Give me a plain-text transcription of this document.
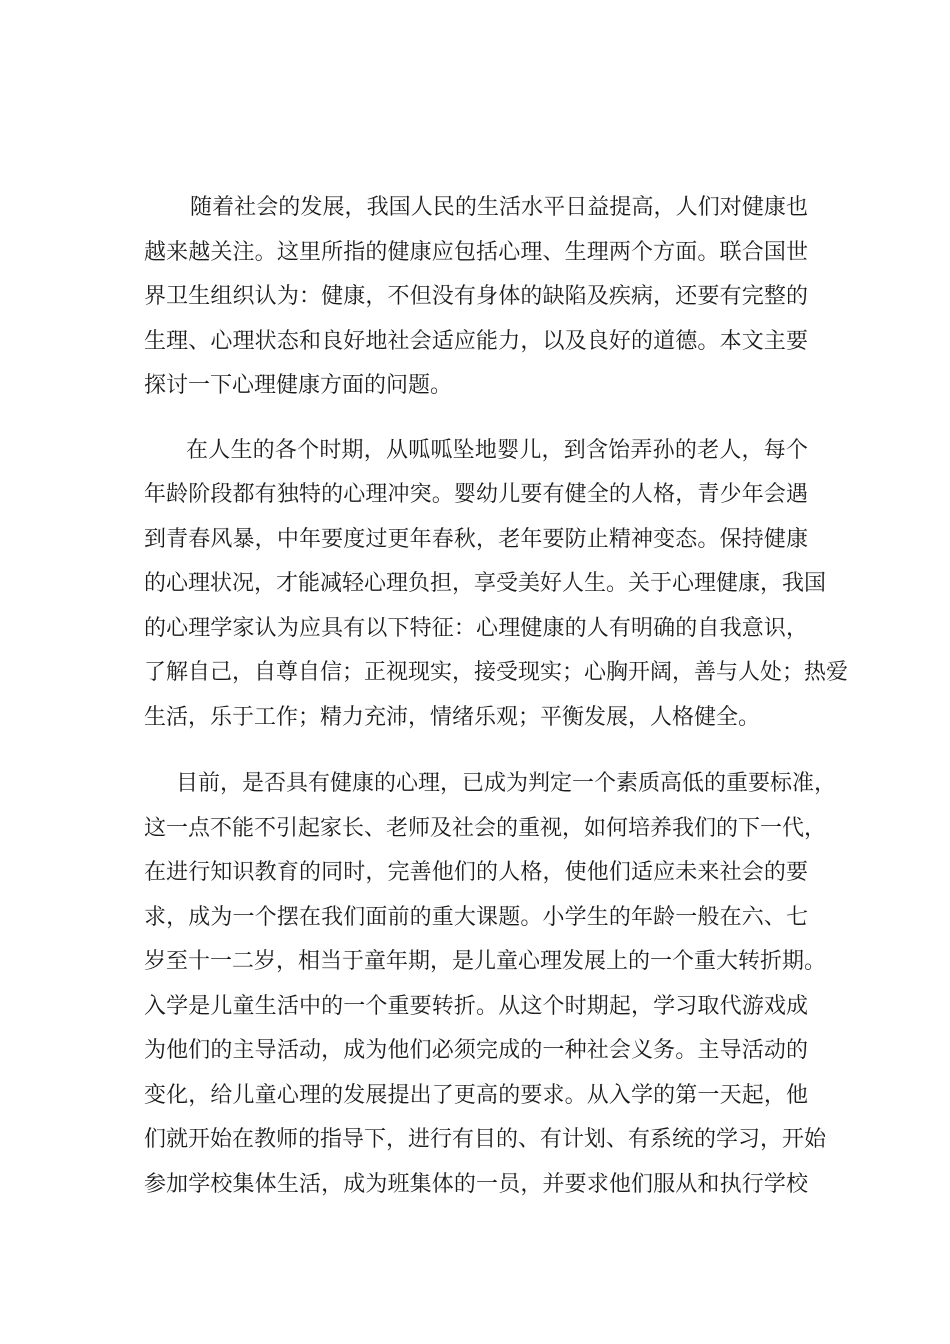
随着社会的发展，我国人民的生活水平日益提高，人们对健康也
越来越关注。这里所指的健康应包括心理、生理两个方面。联合国世
界卫生组织认为：健康，不但没有身体的缺陷及疾病，还要有完整的
生理、心理状态和良好地社会适应能力，以及良好的道德。本文主要
探讨一下心理健康方面的问题。

在人生的各个时期，从呱呱坠地婴儿，到含饴弄孙的老人，每个
年龄阶段都有独特的心理冲突。婴幼儿要有健全的人格，青少年会遇
到青春风暴，中年要度过更年春秋，老年要防止精神变态。保持健康
的心理状况，才能减轻心理负担，享受美好人生。关于心理健康，我国
的心理学家认为应具有以下特征：心理健康的人有明确的自我意识，
了解自己，自尊自信；正视现实，接受现实；心胸开阔，善与人处；热爱
生活，乐于工作；精力充沛，情绪乐观；平衡发展，人格健全。

目前，是否具有健康的心理，已成为判定一个素质高低的重要标准，
这一点不能不引起家长、老师及社会的重视，如何培养我们的下一代，
在进行知识教育的同时，完善他们的人格，使他们适应未来社会的要
求，成为一个摆在我们面前的重大课题。小学生的年龄一般在六、七
岁至十一二岁，相当于童年期，是儿童心理发展上的一个重大转折期。
入学是儿童生活中的一个重要转折。从这个时期起，学习取代游戏成
为他们的主导活动，成为他们必须完成的一种社会义务。主导活动的
变化，给儿童心理的发展提出了更高的要求。从入学的第一天起，他
们就开始在教师的指导下，进行有目的、有计划、有系统的学习，开始
参加学校集体生活，成为班集体的一员，并要求他们服从和执行学校
